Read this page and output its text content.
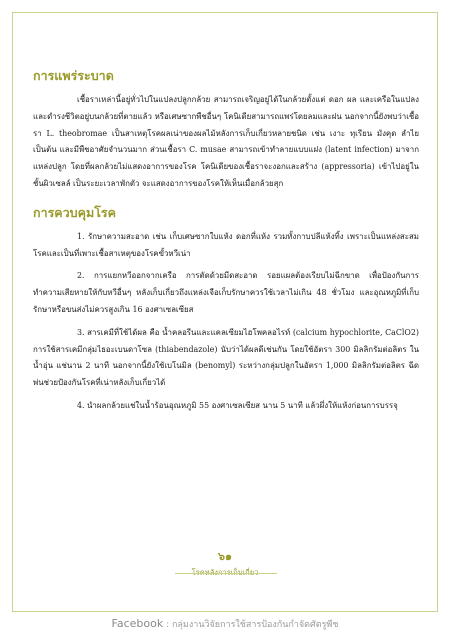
การแพร่ระบาด

เชื้อราเหล่านี้อยู่ทั่วไปในแปลงปลูกกล้วย สามารถเจริญอยู่ได้ในกล้วยตั้งแต่ ดอก ผล และเครือในแปลง และดำรงชีวิตอยู่บนกล้วยที่ตายแล้ว หรือเศษซากพืชอื่นๆ โคนิเดียสามารถแพร่โดยลมและฝน นอกจากนี้ยังพบว่าเชื้อรา L. theobromae เป็นสาเหตุโรคผลเน่าของผลไม้หลังการเก็บเกี่ยวหลายชนิด เช่น เงาะ ทุเรียน มังคุด ลำไย เป็นต้น และมีพืชอาศัยจำนวนมาก ส่วนเชื้อรา C. musae สามารถเข้าทำลายแบบแฝง (latent infection) มาจากแหล่งปลูก โดยที่ผลกล้วยไม่แสดงอาการของโรค โคนิเดียของเชื้อราจะงอกและสร้าง (appressoria) เข้าไปอยู่ในชั้นผิวเซลล์ เป็นระยะเวลาพักตัว จะแสดงอาการของโรคให้เห็นเมื่อกล้วยสุก

การควบคุมโรค

1. รักษาความสะอาด เช่น เก็บเศษซากใบแห้ง ดอกที่แห้ง รวมทั้งกาบปลีแห้งทิ้ง เพราะเป็นแหล่งสะสมโรคและเป็นที่เพาะเชื้อสาเหตุของโรคขั้วหวีเน่า

2. การแยกหวีออกจากเครือ การตัดด้วยมีดสะอาด รอยแผลต้องเรียบไม่ฉีกขาด เพื่อป้องกันการทำความเสียหายให้กับหวีอื่นๆ หลังเก็บเกี่ยวถึงแหล่งเจือเก็บรักษาควรใช้เวลาไม่เกิน 48 ชั่วโมง และอุณหภูมิที่เก็บรักษาหรือขนส่งไม่ควรสูงเกิน 16 องศาเซลเซียส

3. สารเคมีที่ใช้ได้ผล คือ น้ำคลอรีนและแคลเซียมไฮโพคลอไรท์ (calcium hypochlorite, CaClO2) การใช้สารเคมีกลุ่มไธอะเบนดาโซล (thiabendazole) นับว่าได้ผลดีเช่นกัน โดยใช้อัตรา 300 มิลลิกรัมต่อลิตร ในน้ำอุ่น แช่นาน 2 นาที นอกจากนี้ยังใช้เบโนมิล (benomyl) ระหว่างกลุ่มปลูกในอัตรา 1,000 มิลลิกรัมต่อลิตร ฉีดพ่นช่วยป้องกันโรคที่เน่าหลังเก็บเกี่ยวได้

4. นำผลกล้วยแช่ในน้ำร้อนอุณหภูมิ 55 องศาเซลเซียส นาน 5 นาที แล้วผึ่งให้แห้งก่อนการบรรจุ

๖๑
โรคหลังการเก็บเกี่ยว
Facebook : กลุ่มงานวิจัยการใช้สารป้องกันกำจัดศัตรูพืช
